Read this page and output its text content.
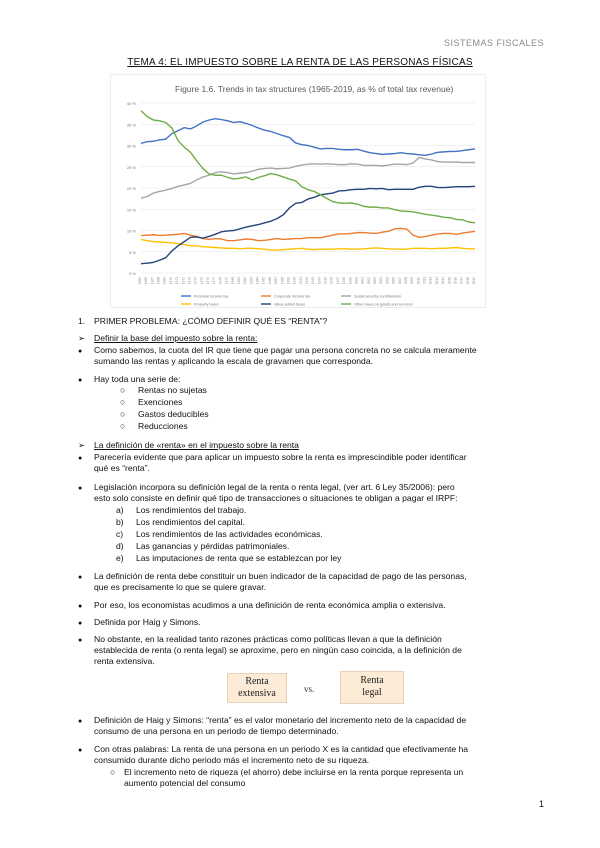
SISTEMAS FISCALES
TEMA 4: EL IMPUESTO SOBRE LA RENTA DE LAS PERSONAS FÍSICAS
Figure 1.6. Trends in tax structures (1965-2019, as % of total tax revenue)
0 %
5 %
10 %
15 %
20 %
25 %
30 %
35 %
40 %
1965 1966 1967 1968 1969 1970 1971 1972 1973 1974 1975 1976 1977 1978 1979 1980 1981 1982 1983 1984 1985 1986 1987 1988 1989 1990 1991 1992 1993 1994 1995 1996 1997 1998 1999 2000 2001 2002 2003 2004 2005 2006 2007 2008 2009 2010 2011 2012 2013 2014 2015 2016 2017 2018 2019
Personal income tax	Corporate income tax	Social security contributions
Property taxes	Value added taxes	Other taxes on goods and services
1. PRIMER PROBLEMA: ¿CÓMO DEFINIR QUÉ ES “RENTA”?
➢ Definir la base del impuesto sobre la renta:
● Como sabemos, la cuota del IR que tiene que pagar una persona concreta no se calcula meramente
sumando las rentas y aplicando la escala de gravamen que corresponda.
● Hay toda una serie de:
○ Rentas no sujetas
○ Exenciones
○ Gastos deducibles
○ Reducciones
➢ La definición de «renta» en el impuesto sobre la renta
● Parecería evidente que para aplicar un impuesto sobre la renta es imprescindible poder identificar
qué es “renta”.
● Legislación incorpora su definición legal de la renta o renta legal, (ver art. 6 Ley 35/2006): pero
esto solo consiste en definir qué tipo de transacciones o situaciones te obligan a pagar el IRPF:
a) Los rendimientos del trabajo.
b) Los rendimientos del capital.
c) Los rendimientos de las actividades económicas.
d) Las ganancias y pérdidas patrimoniales.
e) Las imputaciones de renta que se establezcan por ley
● La definición de renta debe constituir un buen indicador de la capacidad de pago de las personas,
que es precisamente lo que se quiere gravar.
● Por eso, los economistas acudimos a una definición de renta económica amplia o extensiva.
● Definida por Haig y Simons.
● No obstante, en la realidad tanto razones prácticas como políticas llevan a que la definición
establecida de renta (o renta legal) se aproxime, pero en ningún caso coincida, a la definición de
renta extensiva.
Renta
extensiva	vs.
Renta
legal
● Definición de Haig y Simons: “renta” es el valor monetario del incremento neto de la capacidad de
consumo de una persona en un periodo de tiempo determinado.
● Con otras palabras: La renta de una persona en un periodo X es la cantidad que efectivamente ha
consumido durante dicho periodo más el incremento neto de su riqueza.
○ El incremento neto de riqueza (el ahorro) debe incluirse en la renta porque representa un
aumento potencial del consumo
1
